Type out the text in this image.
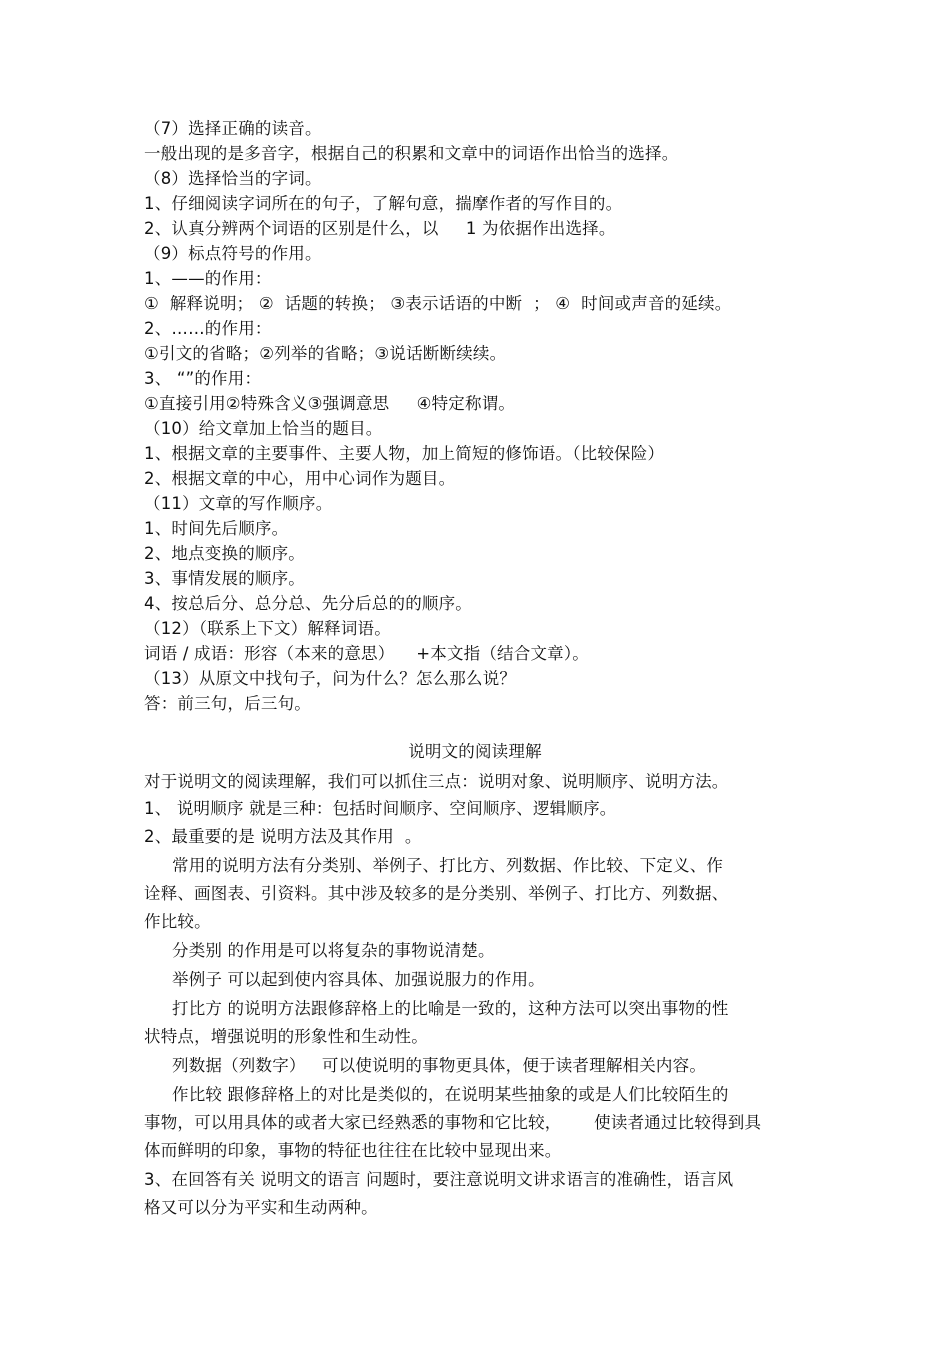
（7）选择正确的读音。
一般出现的是多音字，根据自己的积累和文章中的词语作出恰当的选择。
（8）选择恰当的字词。
1、仔细阅读字词所在的句子，了解句意，揣摩作者的写作目的。
2、认真分辨两个词语的区别是什么，以     1 为依据作出选择。
（9）标点符号的作用。
1、——的作用：
①  解释说明； ②  话题的转换； ③表示话语的中断  ； ④  时间或声音的延续。
2、……的作用：
①引文的省略；②列举的省略；③说话断断续续。
3、 “”的作用：
①直接引用②特殊含义③强调意思     ④特定称谓。
（10）给文章加上恰当的题目。
1、根据文章的主要事件、主要人物，加上简短的修饰语。（比较保险）
2、根据文章的中心，用中心词作为题目。
（11）文章的写作顺序。
1、时间先后顺序。
2、地点变换的顺序。
3、事情发展的顺序。
4、按总后分、总分总、先分后总的的顺序。
（12）（联系上下文）解释词语。
词语 / 成语：形容（本来的意思）    +本文指（结合文章）。
（13）从原文中找句子，问为什么？怎么那么说？
答：前三句，后三句。
说明文的阅读理解
对于说明文的阅读理解，我们可以抓住三点：说明对象、说明顺序、说明方法。
1、 说明顺序 就是三种：包括时间顺序、空间顺序、逻辑顺序。
2、最重要的是 说明方法及其作用  。
常用的说明方法有分类别、举例子、打比方、列数据、作比较、下定义、作
诠释、画图表、引资料。其中涉及较多的是分类别、举例子、打比方、列数据、
作比较。
分类别 的作用是可以将复杂的事物说清楚。
举例子 可以起到使内容具体、加强说服力的作用。
打比方 的说明方法跟修辞格上的比喻是一致的，这种方法可以突出事物的性
状特点，增强说明的形象性和生动性。
列数据（列数字）   可以使说明的事物更具体，便于读者理解相关内容。
作比较 跟修辞格上的对比是类似的，在说明某些抽象的或是人们比较陌生的
事物，可以用具体的或者大家已经熟悉的事物和它比较，      使读者通过比较得到具
体而鲜明的印象，事物的特征也往往在比较中显现出来。
3、在回答有关 说明文的语言 问题时，要注意说明文讲求语言的准确性，语言风
格又可以分为平实和生动两种。
